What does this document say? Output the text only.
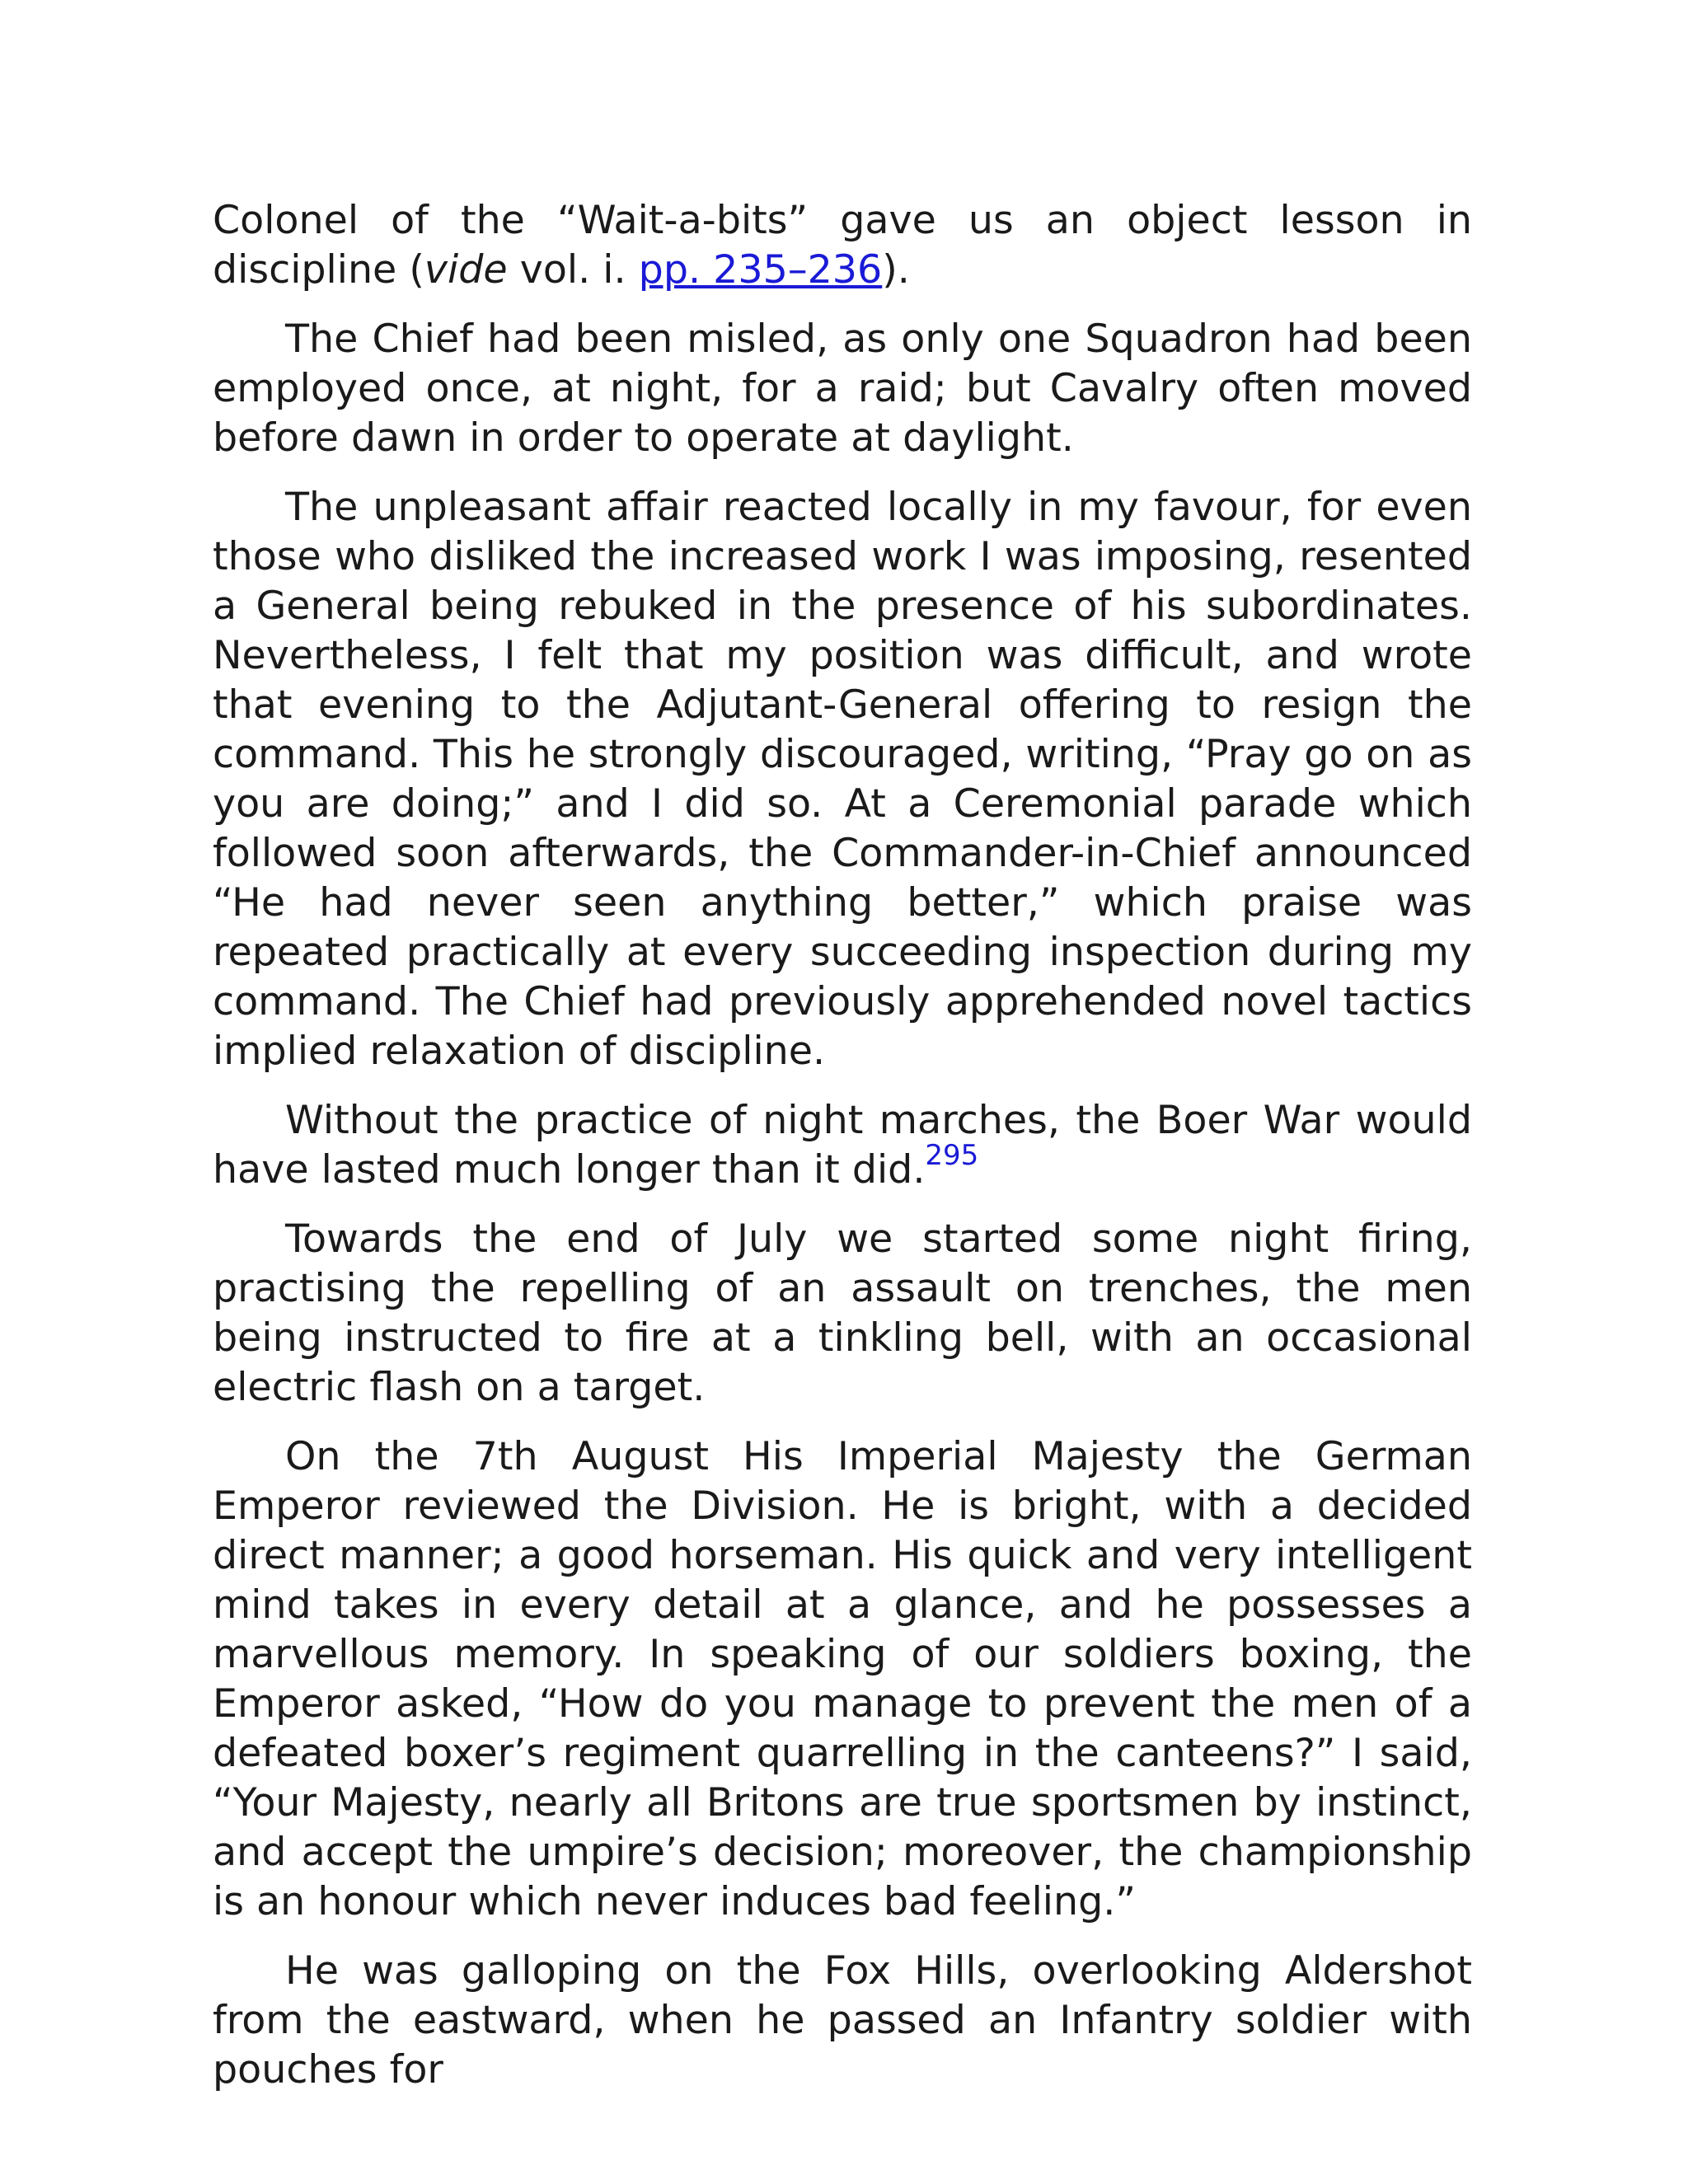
Colonel of the “Wait-a-bits” gave us an object lesson in discipline (vide vol. i. pp. 235–236).

The Chief had been misled, as only one Squadron had been employed once, at night, for a raid; but Cavalry often moved before dawn in order to operate at daylight.

The unpleasant affair reacted locally in my favour, for even those who disliked the increased work I was imposing, resented a General being rebuked in the presence of his subordinates. Nevertheless, I felt that my position was difficult, and wrote that evening to the Adjutant-General offering to resign the command. This he strongly discouraged, writing, “Pray go on as you are doing;” and I did so. At a Ceremonial parade which followed soon afterwards, the Commander-in-Chief announced “He had never seen anything better,” which praise was repeated practically at every succeeding inspection during my command. The Chief had previously apprehended novel tactics implied relaxation of discipline.

Without the practice of night marches, the Boer War would have lasted much longer than it did.$^{295}$

Towards the end of July we started some night firing, practising the repelling of an assault on trenches, the men being instructed to fire at a tinkling bell, with an occasional electric flash on a target.

On the 7th August His Imperial Majesty the German Emperor reviewed the Division. He is bright, with a decided direct manner; a good horseman. His quick and very intelligent mind takes in every detail at a glance, and he possesses a marvellous memory. In speaking of our soldiers boxing, the Emperor asked, “How do you manage to prevent the men of a defeated boxer’s regiment quarrelling in the canteens?” I said, “Your Majesty, nearly all Britons are true sportsmen by instinct, and accept the umpire’s decision; moreover, the championship is an honour which never induces bad feeling.”

He was galloping on the Fox Hills, overlooking Aldershot from the eastward, when he passed an Infantry soldier with pouches for
